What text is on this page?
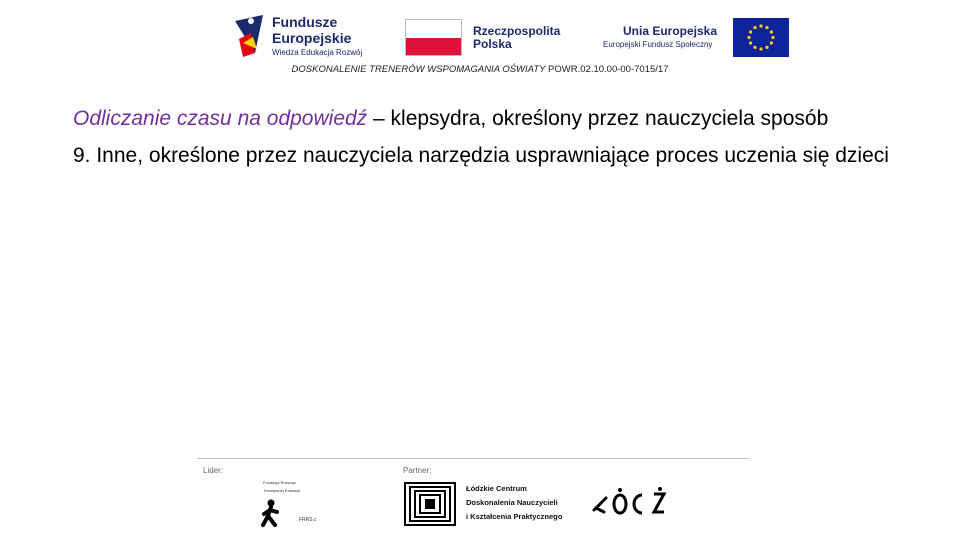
Fundusze
Europejskie
Wiedza Edukacja Rozwój
Rzeczpospolita
Polska
Unia Europejska
Europejski Fundusz Społeczny
DOSKONALENIE TRENERÓW WSPOMAGANIA OŚWIATY POWR.02.10.00-00-7015/17
Odliczanie czasu na odpowiedź – klepsydra, określony przez nauczyciela sposób
9. Inne, określone przez nauczyciela narzędzia usprawniające proces uczenia się dzieci
Lider:	Partner:
Fundacja Rozwoju
Kreatywnej Edukacji
FRRS.c
Łódzkie Centrum
Doskonalenia Nauczycieli
i Kształcenia Praktycznego
